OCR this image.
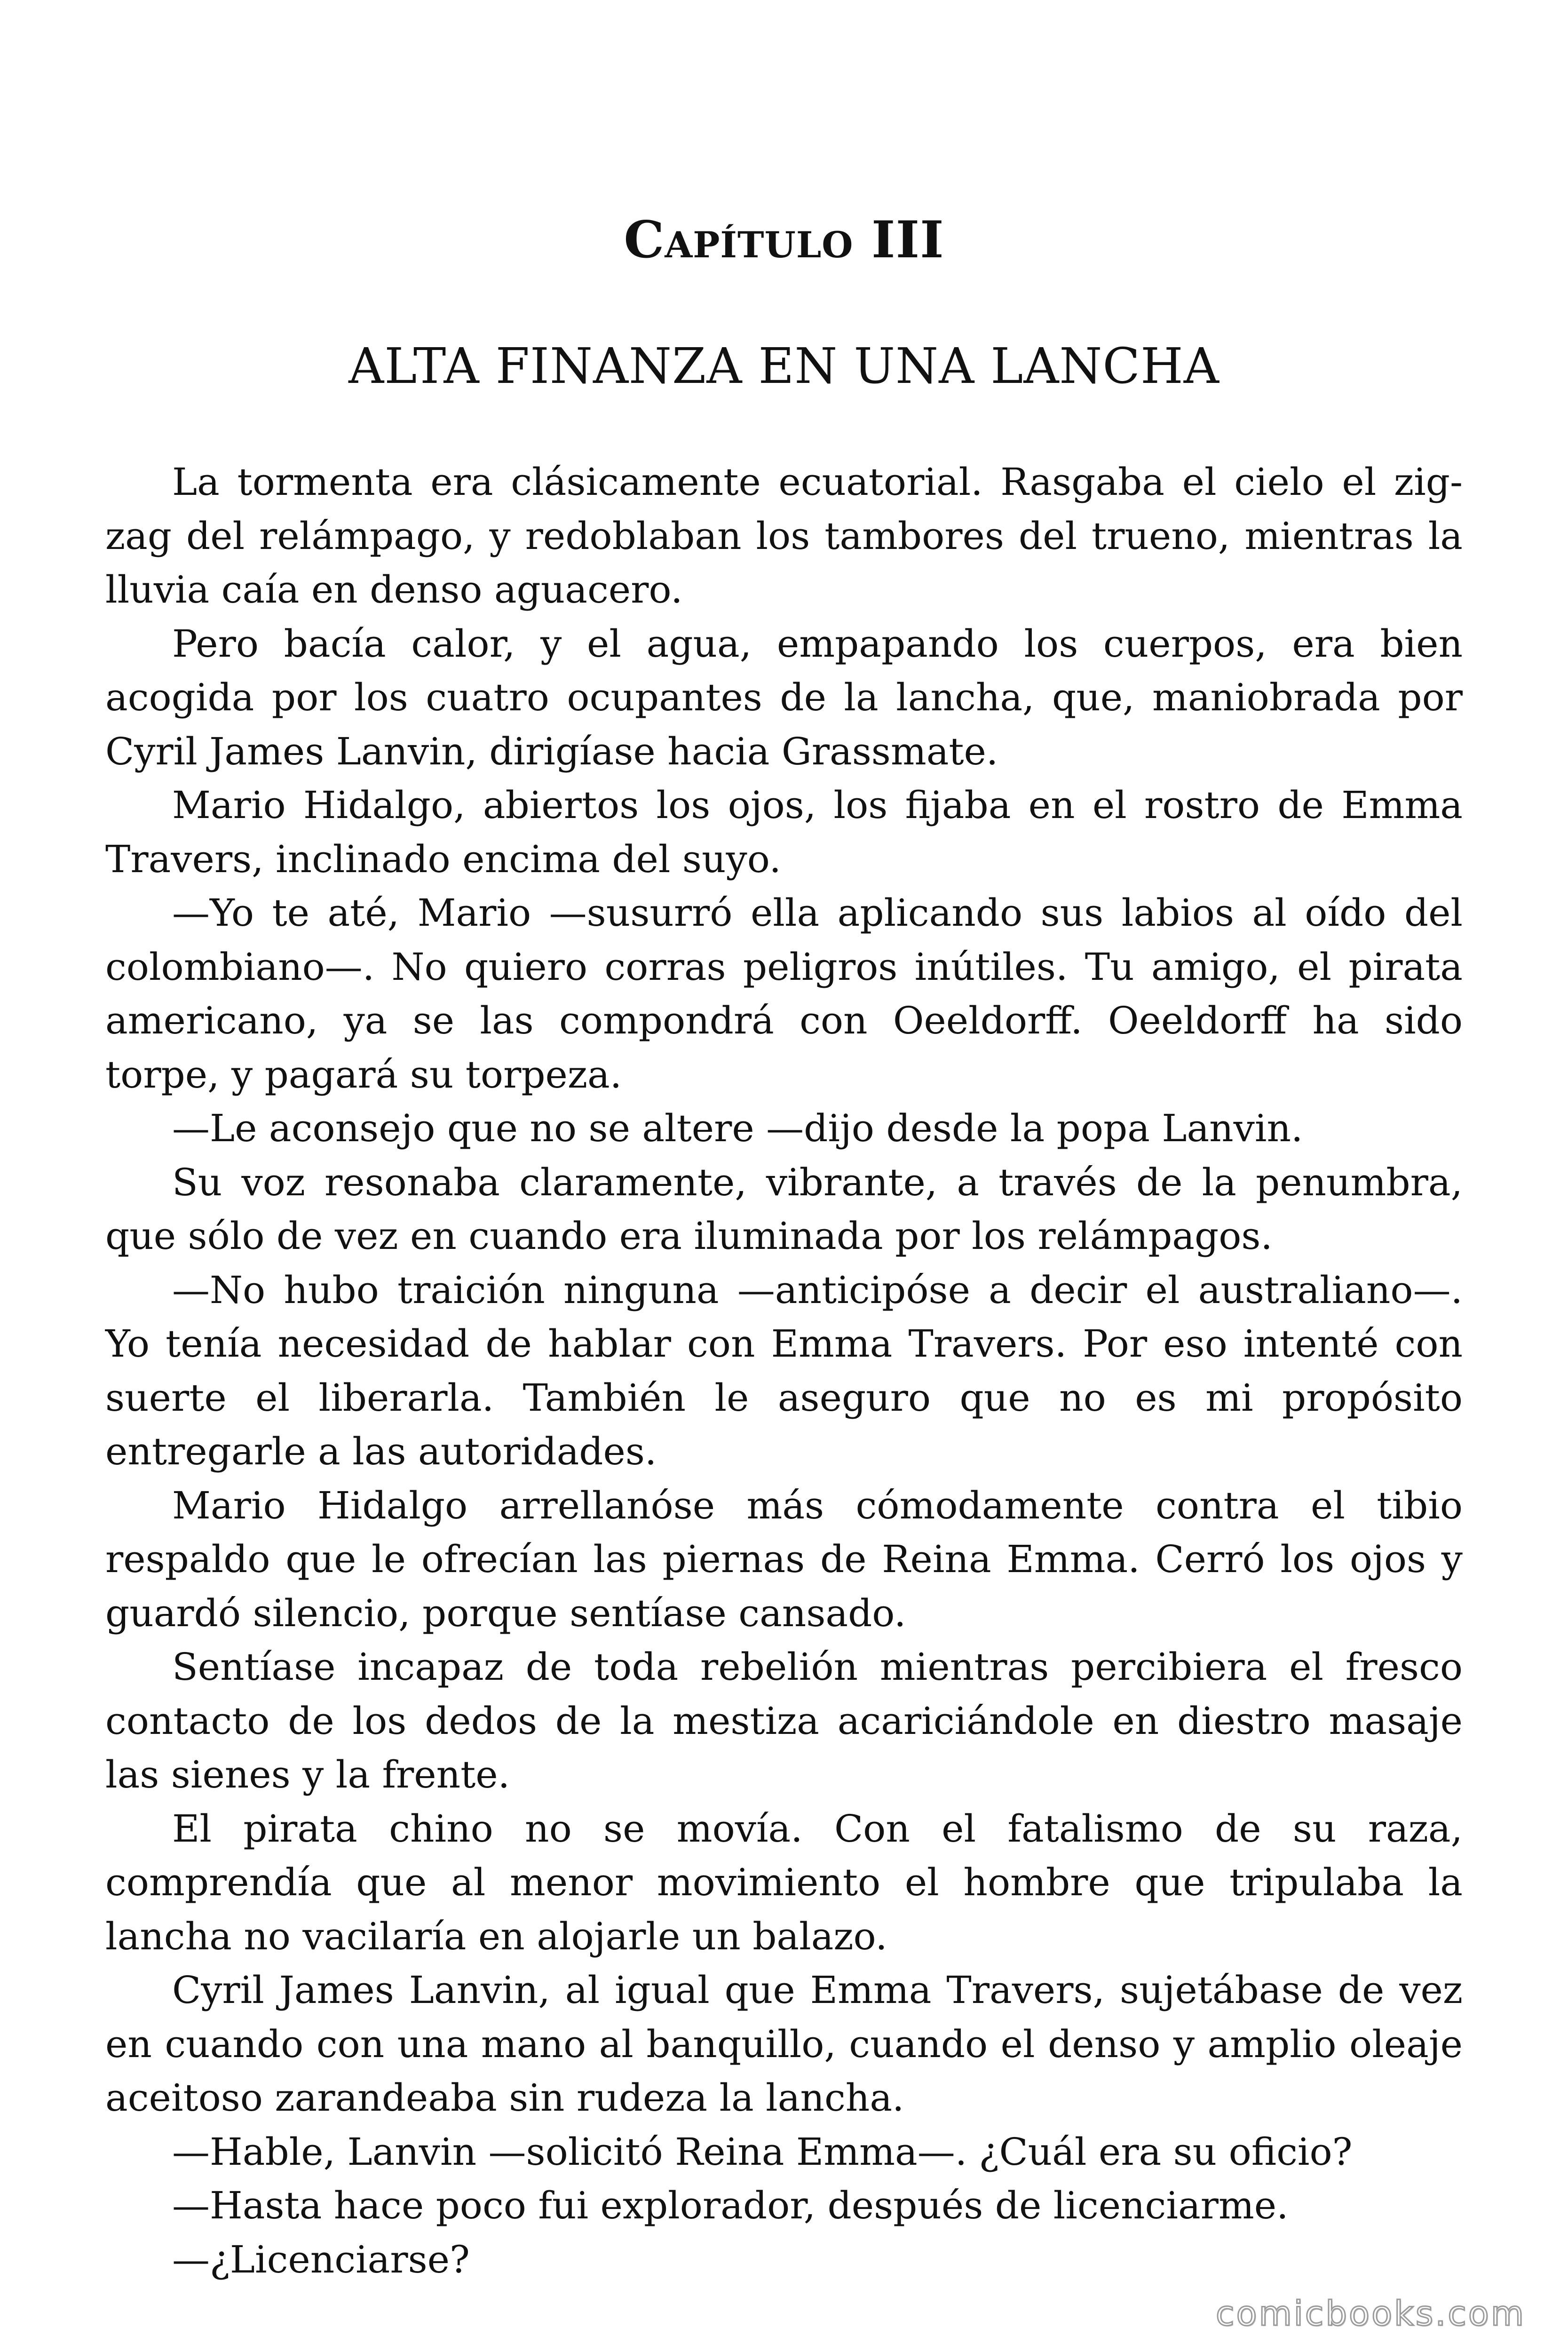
Capítulo III
ALTA FINANZA EN UNA LANCHA

La tormenta era clásicamente ecuatorial. Rasgaba el cielo el zig-zag del relámpago, y redoblaban los tambores del trueno, mientras la lluvia caía en denso aguacero.

Pero bacía calor, y el agua, empapando los cuerpos, era bien acogida por los cuatro ocupantes de la lancha, que, maniobrada por Cyril James Lanvin, dirigíase hacia Grassmate.

Mario Hidalgo, abiertos los ojos, los fijaba en el rostro de Emma Travers, inclinado encima del suyo.

—Yo te até, Mario —susurró ella aplicando sus labios al oído del colombiano—. No quiero corras peligros inútiles. Tu amigo, el pirata americano, ya se las compondrá con Oeeldorff. Oeeldorff ha sido torpe, y pagará su torpeza.

—Le aconsejo que no se altere —dijo desde la popa Lanvin.

Su voz resonaba claramente, vibrante, a través de la penumbra, que sólo de vez en cuando era iluminada por los relámpagos.

—No hubo traición ninguna —anticipóse a decir el australiano—. Yo tenía necesidad de hablar con Emma Travers. Por eso intenté con suerte el liberarla. También le aseguro que no es mi propósito entregarle a las autoridades.

Mario Hidalgo arrellanóse más cómodamente contra el tibio respaldo que le ofrecían las piernas de Reina Emma. Cerró los ojos y guardó silencio, porque sentíase cansado.

Sentíase incapaz de toda rebelión mientras percibiera el fresco contacto de los dedos de la mestiza acariciándole en diestro masaje las sienes y la frente.

El pirata chino no se movía. Con el fatalismo de su raza, comprendía que al menor movimiento el hombre que tripulaba la lancha no vacilaría en alojarle un balazo.

Cyril James Lanvin, al igual que Emma Travers, sujetábase de vez en cuando con una mano al banquillo, cuando el denso y amplio oleaje aceitoso zarandeaba sin rudeza la lancha.

—Hable, Lanvin —solicitó Reina Emma—. ¿Cuál era su oficio?

—Hasta hace poco fui explorador, después de licenciarme.

—¿Licenciarse?

comicbooks.com
